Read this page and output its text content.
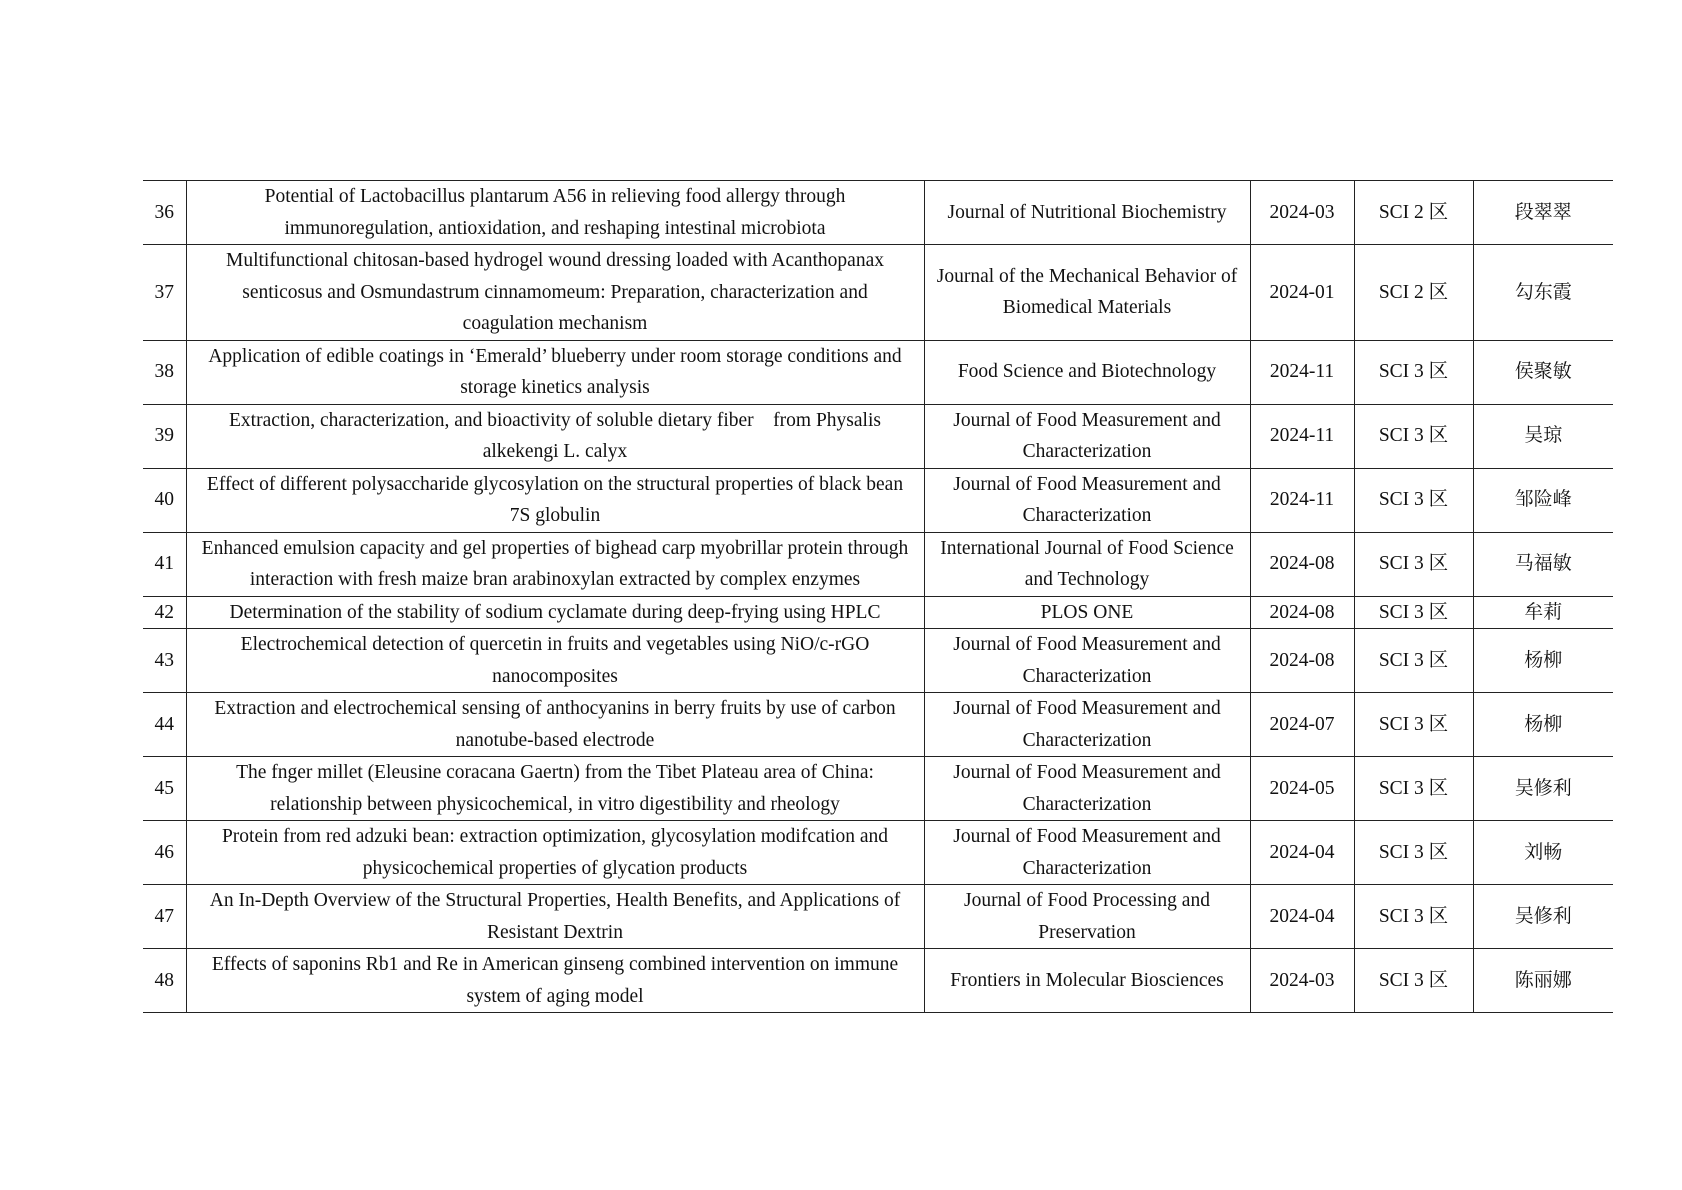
36	Potential of Lactobacillus plantarum A56 in relieving food allergy through immunoregulation, antioxidation, and reshaping intestinal microbiota	Journal of Nutritional Biochemistry	2024-03	SCI 2 区	段翠翠
37	Multifunctional chitosan-based hydrogel wound dressing loaded with Acanthopanax senticosus and Osmundastrum cinnamomeum: Preparation, characterization and coagulation mechanism	Journal of the Mechanical Behavior of Biomedical Materials	2024-01	SCI 2 区	勾东霞
38	Application of edible coatings in ‘Emerald’ blueberry under room storage conditions and storage kinetics analysis	Food Science and Biotechnology	2024-11	SCI 3 区	侯聚敏
39	Extraction, characterization, and bioactivity of soluble dietary fiber    from Physalis alkekengi L. calyx	Journal of Food Measurement and Characterization	2024-11	SCI 3 区	吴琼
40	Effect of different polysaccharide glycosylation on the structural properties of black bean 7S globulin	Journal of Food Measurement and Characterization	2024-11	SCI 3 区	邹险峰
41	Enhanced emulsion capacity and gel properties of bighead carp myobrillar protein through interaction with fresh maize bran arabinoxylan extracted by complex enzymes	International Journal of Food Science and Technology	2024-08	SCI 3 区	马福敏
42	Determination of the stability of sodium cyclamate during deep-frying using HPLC	PLOS ONE	2024-08	SCI 3 区	牟莉
43	Electrochemical detection of quercetin in fruits and vegetables using NiO/c-rGO nanocomposites	Journal of Food Measurement and Characterization	2024-08	SCI 3 区	杨柳
44	Extraction and electrochemical sensing of anthocyanins in berry fruits by use of carbon nanotube-based electrode	Journal of Food Measurement and Characterization	2024-07	SCI 3 区	杨柳
45	The fnger millet (Eleusine coracana Gaertn) from the Tibet Plateau area of China: relationship between physicochemical, in vitro digestibility and rheology	Journal of Food Measurement and Characterization	2024-05	SCI 3 区	吴修利
46	Protein from red adzuki bean: extraction optimization, glycosylation modifcation and physicochemical properties of glycation products	Journal of Food Measurement and Characterization	2024-04	SCI 3 区	刘畅
47	An In-Depth Overview of the Structural Properties, Health Benefits, and Applications of Resistant Dextrin	Journal of Food Processing and Preservation	2024-04	SCI 3 区	吴修利
48	Effects of saponins Rb1 and Re in American ginseng combined intervention on immune system of aging model	Frontiers in Molecular Biosciences	2024-03	SCI 3 区	陈丽娜
